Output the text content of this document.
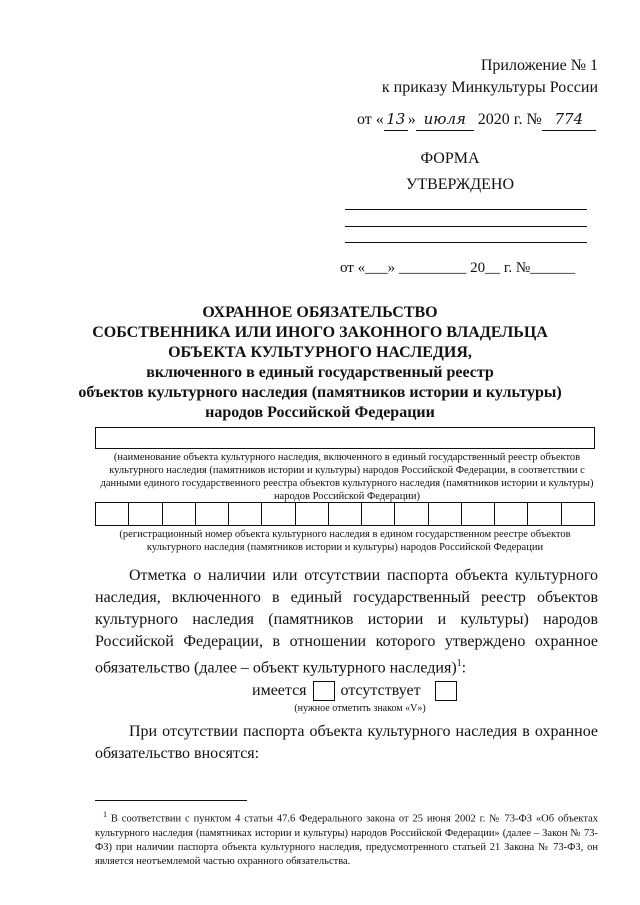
Приложение № 1
к приказу Минкультуры России
от « 13 » июля 2020 г. № 774
ФОРМА
УТВЕРЖДЕНО
от «___» _________ 20__ г. №______
ОХРАННОЕ ОБЯЗАТЕЛЬСТВО
СОБСТВЕННИКА ИЛИ ИНОГО ЗАКОННОГО ВЛАДЕЛЬЦА
ОБЪЕКТА КУЛЬТУРНОГО НАСЛЕДИЯ,
включенного в единый государственный реестр
объектов культурного наследия (памятников истории и культуры)
народов Российской Федерации
(наименование объекта культурного наследия, включенного в единый государственный реестр объектов культурного наследия (памятников истории и культуры) народов Российской Федерации, в соответствии с данными единого государственного реестра объектов культурного наследия (памятников истории и культуры) народов Российской Федерации)
(регистрационный номер объекта культурного наследия в едином государственном реестре объектов культурного наследия (памятников истории и культуры) народов Российской Федерации
Отметка о наличии или отсутствии паспорта объекта культурного наследия, включенного в единый государственный реестр объектов культурного наследия (памятников истории и культуры) народов Российской Федерации, в отношении которого утверждено охранное обязательство (далее – объект культурного наследия)$^1$:
имеется отсутствует
(нужное отметить знаком «V»)
При отсутствии паспорта объекта культурного наследия в охранное обязательство вносятся:
$^1$ В соответствии с пунктом 4 статьи 47.6 Федерального закона от 25 июня 2002 г. № 73-ФЗ «Об объектах культурного наследия (памятниках истории и культуры) народов Российской Федерации» (далее – Закон № 73-ФЗ) при наличии паспорта объекта культурного наследия, предусмотренного статьей 21 Закона № 73-ФЗ, он является неотъемлемой частью охранного обязательства.
